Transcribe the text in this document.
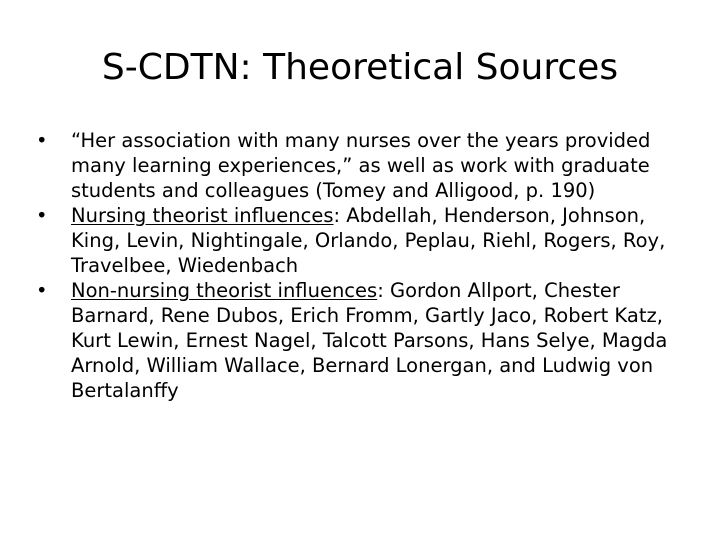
S-CDTN: Theoretical Sources
• “Her association with many nurses over the years provided many learning experiences,” as well as work with graduate students and colleagues (Tomey and Alligood, p. 190)
• Nursing theorist influences: Abdellah, Henderson, Johnson, King, Levin, Nightingale, Orlando, Peplau, Riehl, Rogers, Roy, Travelbee, Wiedenbach
• Non-nursing theorist influences: Gordon Allport, Chester Barnard, Rene Dubos, Erich Fromm, Gartly Jaco, Robert Katz, Kurt Lewin, Ernest Nagel, Talcott Parsons, Hans Selye, Magda Arnold, William Wallace, Bernard Lonergan, and Ludwig von Bertalanffy
